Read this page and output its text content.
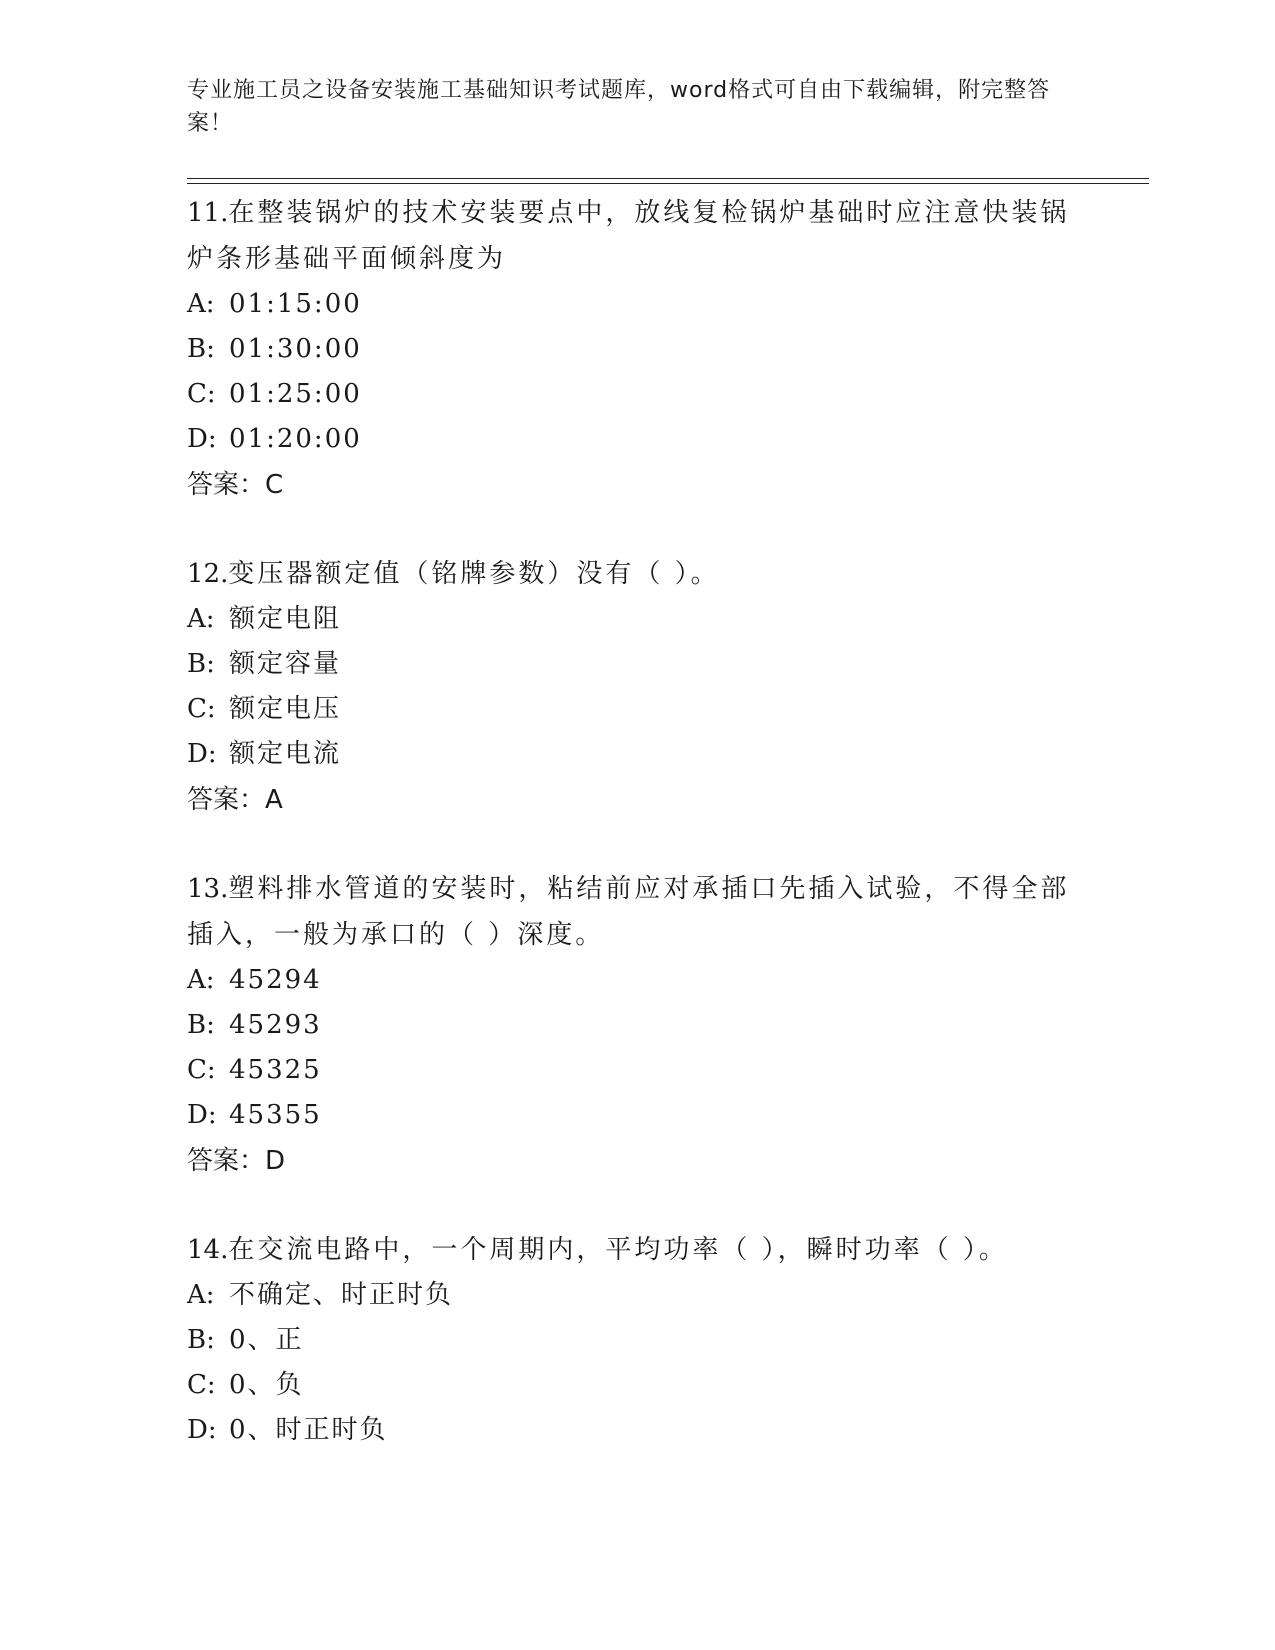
专业施工员之设备安装施工基础知识考试题库，word格式可自由下载编辑，附完整答案！

11.在整装锅炉的技术安装要点中，放线复检锅炉基础时应注意快装锅炉条形基础平面倾斜度为

A: 01:15:00

B: 01:30:00

C: 01:25:00

D: 01:20:00

答案：C

12.变压器额定值（铭牌参数）没有（ ）。

A: 额定电阻

B: 额定容量

C: 额定电压

D: 额定电流

答案：A

13.塑料排水管道的安装时，粘结前应对承插口先插入试验，不得全部插入，一般为承口的（ ）深度。

A: 45294

B: 45293

C: 45325

D: 45355

答案：D

14.在交流电路中，一个周期内，平均功率（ ），瞬时功率（ ）。

A: 不确定、时正时负

B: 0、正

C: 0、负

D: 0、时正时负
